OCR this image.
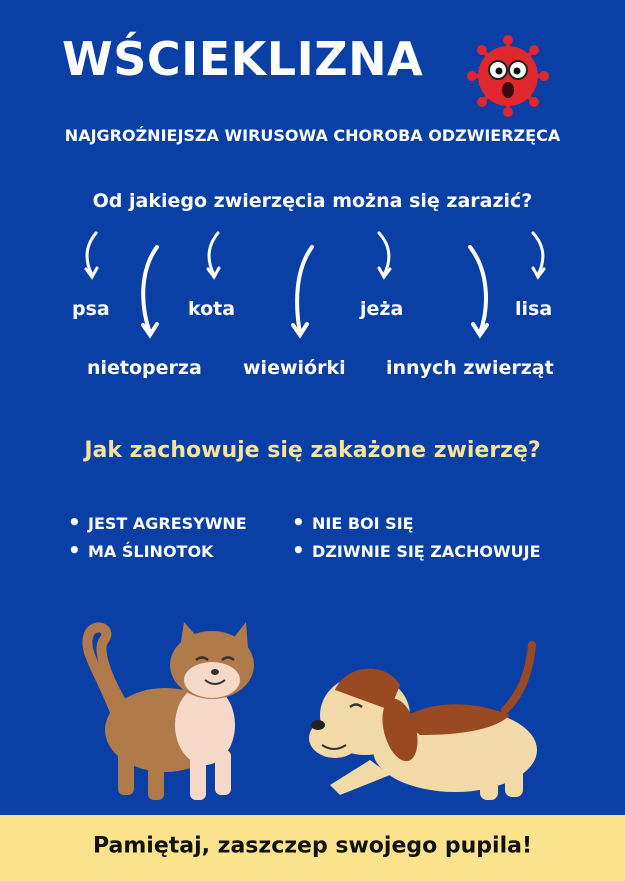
WŚCIEKLIZNA
NAJGROŹNIEJSZA WIRUSOWA CHOROBA ODZWIERZĘCA
Od jakiego zwierzęcia można się zarazić?
psa	kota	jeża	lisa
nietoperza wiewiórki innych zwierząt
Jak zachowuje się zakażone zwierzę?
• JEST AGRESYWNE
• MA ŚLINOTOK
• NIE BOI SIĘ
• DZIWNIE SIĘ ZACHOWUJE
Pamiętaj, zaszczep swojego pupila!
